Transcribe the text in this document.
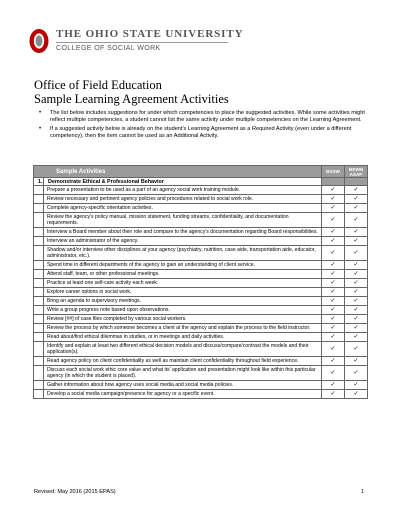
THE OHIO STATE UNIVERSITY
COLLEGE OF SOCIAL WORK
Office of Field Education
Sample Learning Agreement Activities
• The list below includes suggestions for under which competencies to place the suggested activities. While some activities might reflect multiple competencies, a student cannot list the same activity under multiple competencies on the Learning Agreement.
• If a suggested activity below is already on the student's Learning Agreement as a Required Activity (even under a different competency), then the item cannot be used as an Additional Activity.
Sample Activities		BSSW	MSWN ASAP
1.	Demonstrate Ethical & Professional Behavior		
	Prepare a presentation to be used as a part of an agency social work training module.	✓	✓
	Review necessary and pertinent agency policies and procedures related to social work role.	✓	✓
	Complete agency-specific orientation activities.	✓	✓
	Review the agency's policy manual, mission statement, funding streams, confidentiality, and documentation requirements.	✓	✓
	Interview a Board member about their role and compare to the agency's documentation regarding Board responsibilities.	✓	✓
	Interview an administrator of the agency.	✓	✓
	Shadow and/or interview other disciplines at your agency (psychiatry, nutrition, case aide, transportation aide, educator, administrator, etc.).	✓	✓
	Spend time in different departments of the agency to gain an understanding of client service.	✓	✓
	Attend staff, team, or other professional meetings.	✓	✓
	Practice at least one self-care activity each week.	✓	✓
	Explore career options in social work.	✓	✓
	Bring an agenda to supervisory meetings.	✓	✓
	Write a group progress note based upon observations.	✓	✓
	Review [##] of case files completed by various social workers.	✓	✓
	Review the process by which someone becomes a client at the agency and explain the process to the field instructor.	✓	✓
	Read about/find ethical dilemmas in studies, or in meetings and daily activities.	✓	✓
	Identify and explain at least two different ethical decision models and discuss/compare/contrast the models and their application(s).	✓	✓
	Read agency policy on client confidentiality as well as maintain client confidentiality throughout field experience.	✓	✓
	Discuss each social work ethic core value and what its' application and presentation might look like within this particular agency (in which the student is placed).	✓	✓
	Gather information about how agency uses social media and social media policies.	✓	✓
	Develop a social media campaign/presence for agency or a specific event.	✓	✓
Revised: May 2016 (2015 EPAS)	1
